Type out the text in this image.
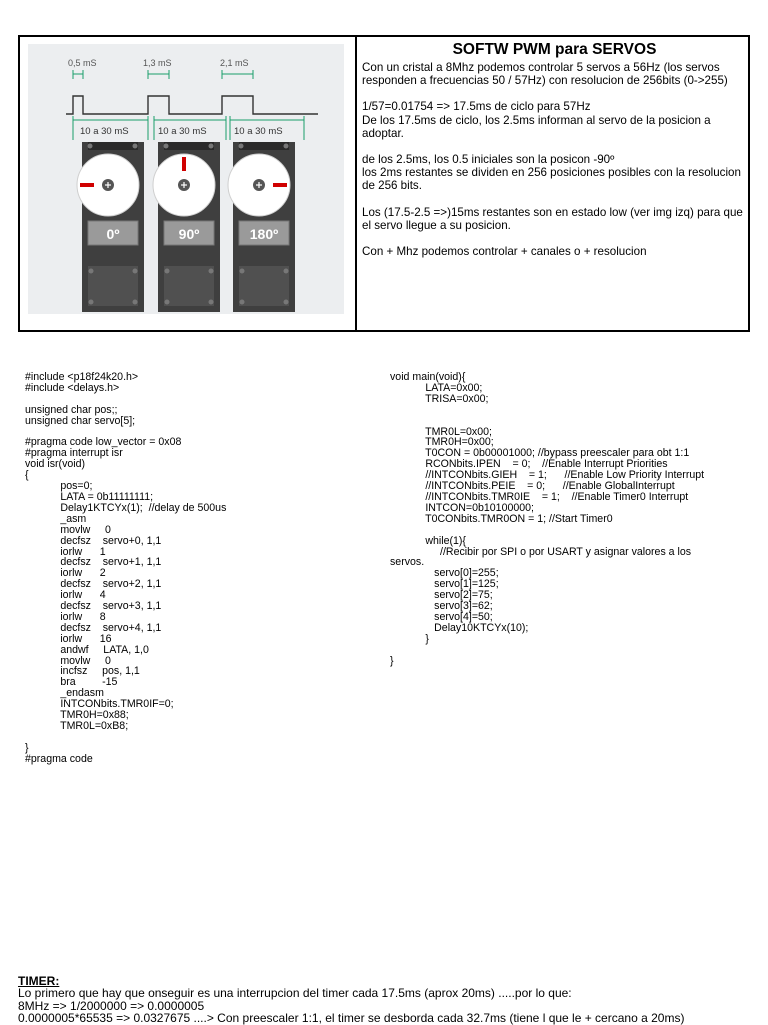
0,5 mS	1,3 mS	2,1 mS
10 a 30 mS	10 a 30 mS	10 a 30 mS
0º	90º	180º
SOFTW PWM para SERVOS

Con un cristal a 8Mhz podemos controlar 5 servos a 56Hz (los servos responden a frecuencias 50 / 57Hz) con resolucion de 256bits (0->255)

1/57=0.01754 => 17.5ms de ciclo para 57Hz
De los 17.5ms de ciclo, los 2.5ms informan al servo de la posicion a adoptar.

de los 2.5ms, los 0.5 iniciales son la posicon -90º
los 2ms restantes se dividen en 256 posiciones posibles con la resolucion de 256 bits.

Los (17.5-2.5 =>)15ms restantes son en estado low (ver img izq) para que el servo llegue a su posicion.

Con + Mhz podemos controlar + canales o + resolucion

#include <p18f24k20.h>
#include <delays.h>

unsigned char pos;;
unsigned char servo[5];

#pragma code low_vector = 0x08
#pragma interrupt isr
void isr(void)
{
pos=0;
LATA = 0b11111111;
Delay1KTCYx(1);  //delay de 500us
_asm
movlw     0
decfsz    servo+0, 1,1
iorlw      1
decfsz    servo+1, 1,1
iorlw      2
decfsz    servo+2, 1,1
iorlw      4
decfsz    servo+3, 1,1
iorlw      8
decfsz    servo+4, 1,1
iorlw      16
andwf     LATA, 1,0
movlw     0
incfsz     pos, 1,1
bra         -15
_endasm
INTCONbits.TMR0IF=0;
TMR0H=0x88;
TMR0L=0xB8;

}
#pragma code
void main(void){
LATA=0x00;
TRISA=0x00;

TMR0L=0x00;
TMR0H=0x00;
T0CON = 0b00001000; //bypass preescaler para obt 1:1
RCONbits.IPEN    = 0;    //Enable Interrupt Priorities
//INTCONbits.GIEH    = 1;      //Enable Low Priority Interrupt
//INTCONbits.PEIE    = 0;      //Enable GlobalInterrupt
//INTCONbits.TMR0IE    = 1;    //Enable Timer0 Interrupt
INTCON=0b10100000;
T0CONbits.TMR0ON = 1; //Start Timer0

while(1){
//Recibir por SPI o por USART y asignar valores a los
servos.
servo[0]=255;
servo[1]=125;
servo[2]=75;
servo[3]=62;
servo[4]=50;
Delay10KTCYx(10);
}

}
TIMER:
Lo primero que hay que onseguir es una interrupcion del timer cada 17.5ms (aprox 20ms) .....por lo que:
8MHz => 1/2000000 => 0.0000005
0.0000005*65535 => 0.0327675 ....> Con preescaler 1:1, el timer se desborda cada 32.7ms (tiene l que le + cercano a 20ms)
